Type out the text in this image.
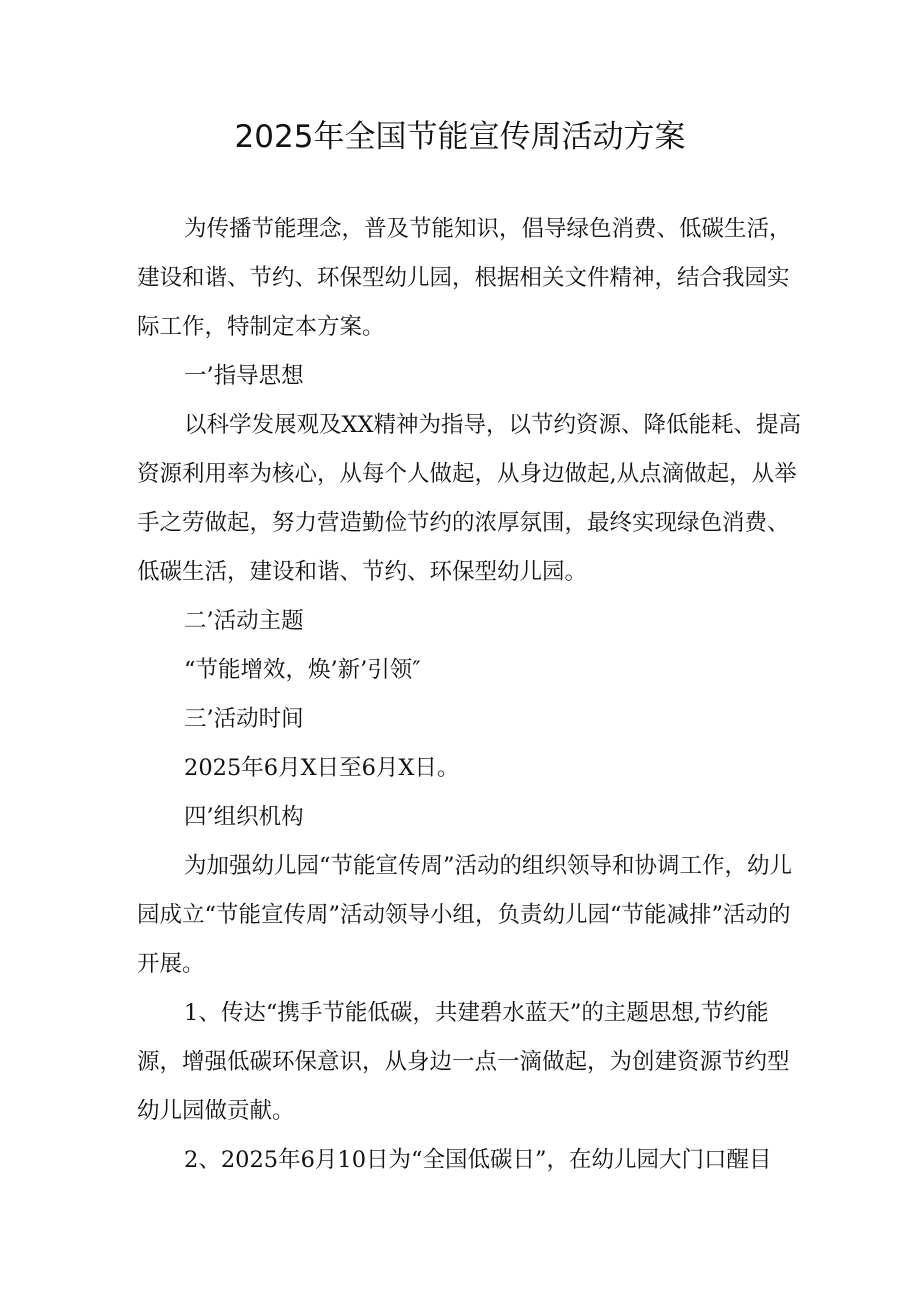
2025年全国节能宣传周活动方案

为传播节能理念，普及节能知识，倡导绿色消费、低碳生活，建设和谐、节约、环保型幼儿园，根据相关文件精神，结合我园实际工作，特制定本方案。

一’指导思想

以科学发展观及XX精神为指导，以节约资源、降低能耗、提高资源利用率为核心，从每个人做起，从身边做起,从点滴做起，从举手之劳做起，努力营造勤俭节约的浓厚氛围，最终实现绿色消费、低碳生活，建设和谐、节约、环保型幼儿园。

二’活动主题

“节能增效，焕’新’引领″

三’活动时间

2025年6月X日至6月X日。

四’组织机构

为加强幼儿园“节能宣传周”活动的组织领导和协调工作，幼儿园成立“节能宣传周”活动领导小组，负责幼儿园“节能减排”活动的开展。

1、传达“携手节能低碳，共建碧水蓝天”的主题思想,节约能源，增强低碳环保意识，从身边一点一滴做起，为创建资源节约型幼儿园做贡献。

2、2025年6月10日为“全国低碳日”，在幼儿园大门口醒目
